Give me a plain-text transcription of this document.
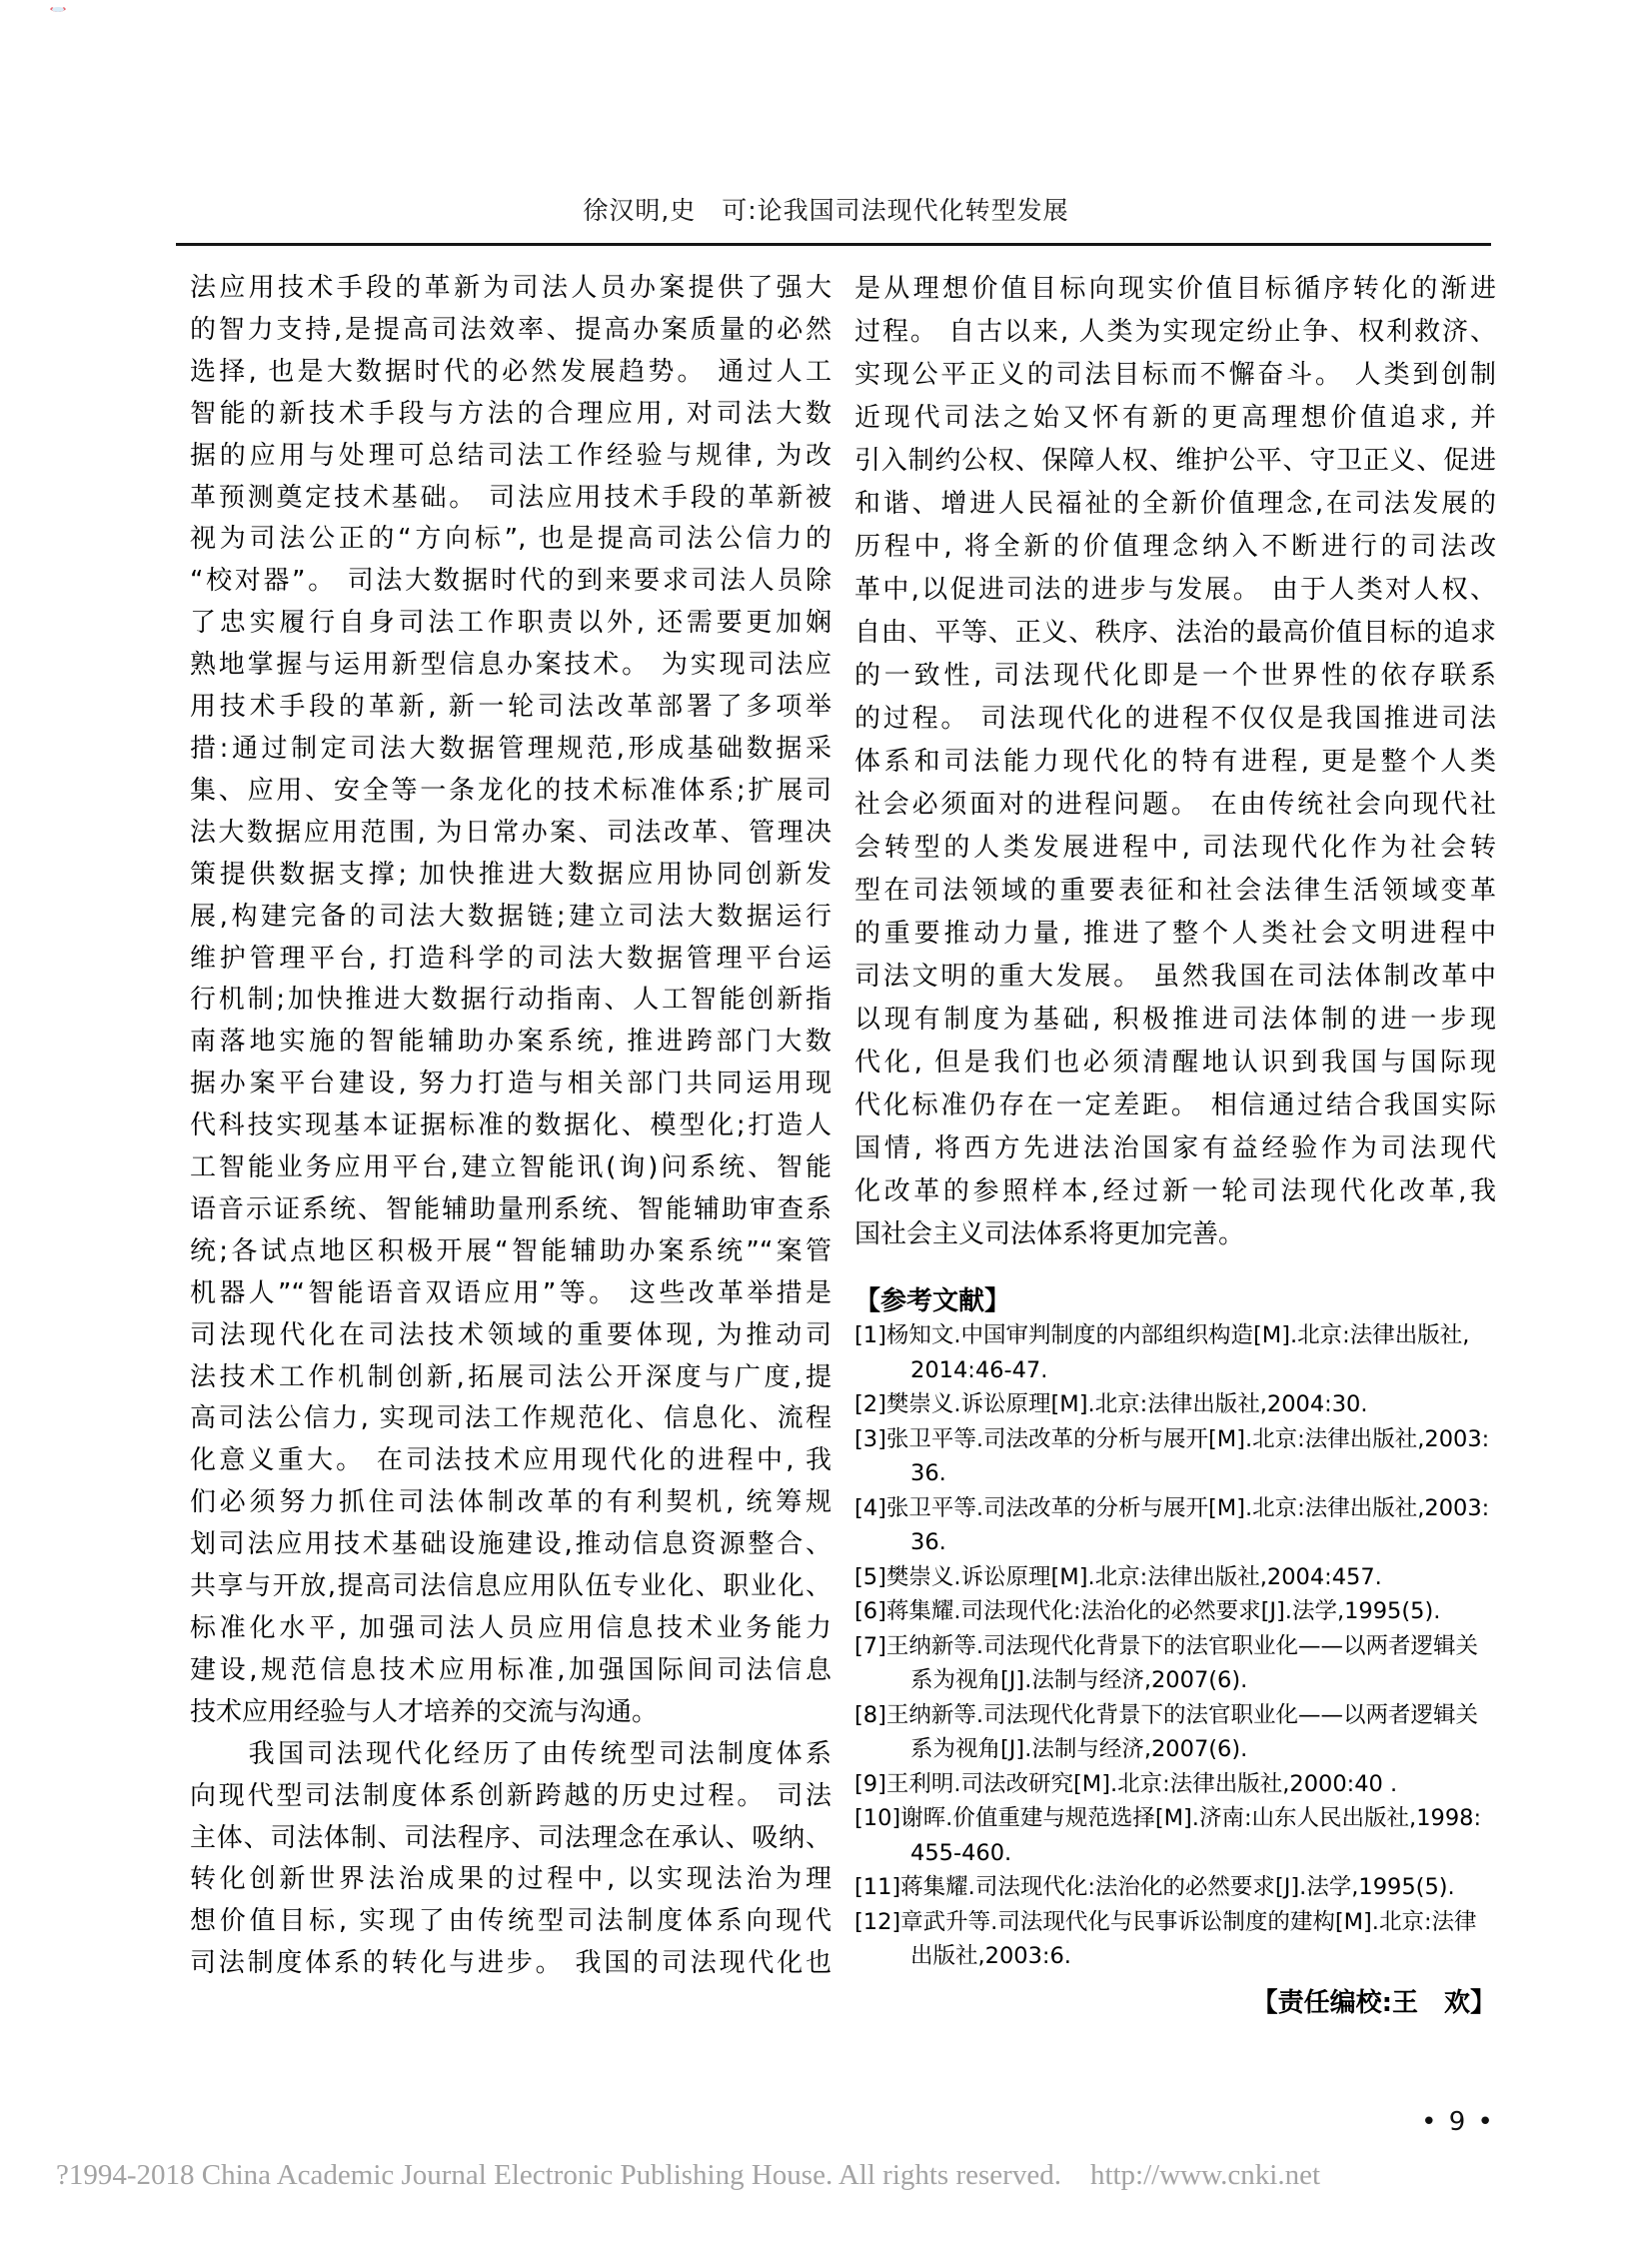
徐汉明,史　可:论我国司法现代化转型发展
法应用技术手段的革新为司法人员办案提供了强大
的智力支持,是提高司法效率、提高办案质量的必然
选择, 也是大数据时代的必然发展趋势。 通过人工
智能的新技术手段与方法的合理应用, 对司法大数
据的应用与处理可总结司法工作经验与规律, 为改
革预测奠定技术基础。 司法应用技术手段的革新被
视为司法公正的“方向标”, 也是提高司法公信力的
“校对器”。 司法大数据时代的到来要求司法人员除
了忠实履行自身司法工作职责以外, 还需要更加娴
熟地掌握与运用新型信息办案技术。 为实现司法应
用技术手段的革新, 新一轮司法改革部署了多项举
措:通过制定司法大数据管理规范,形成基础数据采
集、应用、安全等一条龙化的技术标准体系;扩展司
法大数据应用范围, 为日常办案、司法改革、管理决
策提供数据支撑; 加快推进大数据应用协同创新发
展,构建完备的司法大数据链;建立司法大数据运行
维护管理平台, 打造科学的司法大数据管理平台运
行机制;加快推进大数据行动指南、人工智能创新指
南落地实施的智能辅助办案系统, 推进跨部门大数
据办案平台建设, 努力打造与相关部门共同运用现
代科技实现基本证据标准的数据化、模型化;打造人
工智能业务应用平台,建立智能讯(询)问系统、智能
语音示证系统、智能辅助量刑系统、智能辅助审查系
统;各试点地区积极开展“智能辅助办案系统”“案管
机器人”“智能语音双语应用”等。 这些改革举措是
司法现代化在司法技术领域的重要体现, 为推动司
法技术工作机制创新,拓展司法公开深度与广度,提
高司法公信力, 实现司法工作规范化、信息化、流程
化意义重大。 在司法技术应用现代化的进程中, 我
们必须努力抓住司法体制改革的有利契机, 统筹规
划司法应用技术基础设施建设,推动信息资源整合、
共享与开放,提高司法信息应用队伍专业化、职业化、
标准化水平, 加强司法人员应用信息技术业务能力
建设,规范信息技术应用标准,加强国际间司法信息
技术应用经验与人才培养的交流与沟通。
　　我国司法现代化经历了由传统型司法制度体系
向现代型司法制度体系创新跨越的历史过程。 司法
主体、司法体制、司法程序、司法理念在承认、吸纳、
转化创新世界法治成果的过程中, 以实现法治为理
想价值目标, 实现了由传统型司法制度体系向现代
司法制度体系的转化与进步。 我国的司法现代化也
是从理想价值目标向现实价值目标循序转化的渐进
过程。 自古以来, 人类为实现定纷止争、权利救济、
实现公平正义的司法目标而不懈奋斗。 人类到创制
近现代司法之始又怀有新的更高理想价值追求, 并
引入制约公权、保障人权、维护公平、守卫正义、促进
和谐、增进人民福祉的全新价值理念,在司法发展的
历程中, 将全新的价值理念纳入不断进行的司法改
革中,以促进司法的进步与发展。 由于人类对人权、
自由、平等、正义、秩序、法治的最高价值目标的追求
的一致性, 司法现代化即是一个世界性的依存联系
的过程。 司法现代化的进程不仅仅是我国推进司法
体系和司法能力现代化的特有进程, 更是整个人类
社会必须面对的进程问题。 在由传统社会向现代社
会转型的人类发展进程中, 司法现代化作为社会转
型在司法领域的重要表征和社会法律生活领域变革
的重要推动力量, 推进了整个人类社会文明进程中
司法文明的重大发展。 虽然我国在司法体制改革中
以现有制度为基础, 积极推进司法体制的进一步现
代化, 但是我们也必须清醒地认识到我国与国际现
代化标准仍存在一定差距。 相信通过结合我国实际
国情, 将西方先进法治国家有益经验作为司法现代
化改革的参照样本,经过新一轮司法现代化改革,我
国社会主义司法体系将更加完善。
【参考文献】
[1]杨知文.中国审判制度的内部组织构造[M].北京:法律出版社,
2014:46-47.
[2]樊崇义.诉讼原理[M].北京:法律出版社,2004:30.
[3]张卫平等.司法改革的分析与展开[M].北京:法律出版社,2003:
36.
[4]张卫平等.司法改革的分析与展开[M].北京:法律出版社,2003:
36.
[5]樊崇义.诉讼原理[M].北京:法律出版社,2004:457.
[6]蒋集耀.司法现代化:法治化的必然要求[J].法学,1995(5).
[7]王纳新等.司法现代化背景下的法官职业化——以两者逻辑关
系为视角[J].法制与经济,2007(6).
[8]王纳新等.司法现代化背景下的法官职业化——以两者逻辑关
系为视角[J].法制与经济,2007(6).
[9]王利明.司法改研究[M].北京:法律出版社,2000:40 .
[10]谢晖.价值重建与规范选择[M].济南:山东人民出版社,1998:
455-460.
[11]蒋集耀.司法现代化:法治化的必然要求[J].法学,1995(5).
[12]章武升等.司法现代化与民事诉讼制度的建构[M].北京:法律
出版社,2003:6.
【责任编校:王　欢】
• 9 •
?1994-2018 China Academic Journal Electronic Publishing House. All rights reserved.    http://www.cnki.net
